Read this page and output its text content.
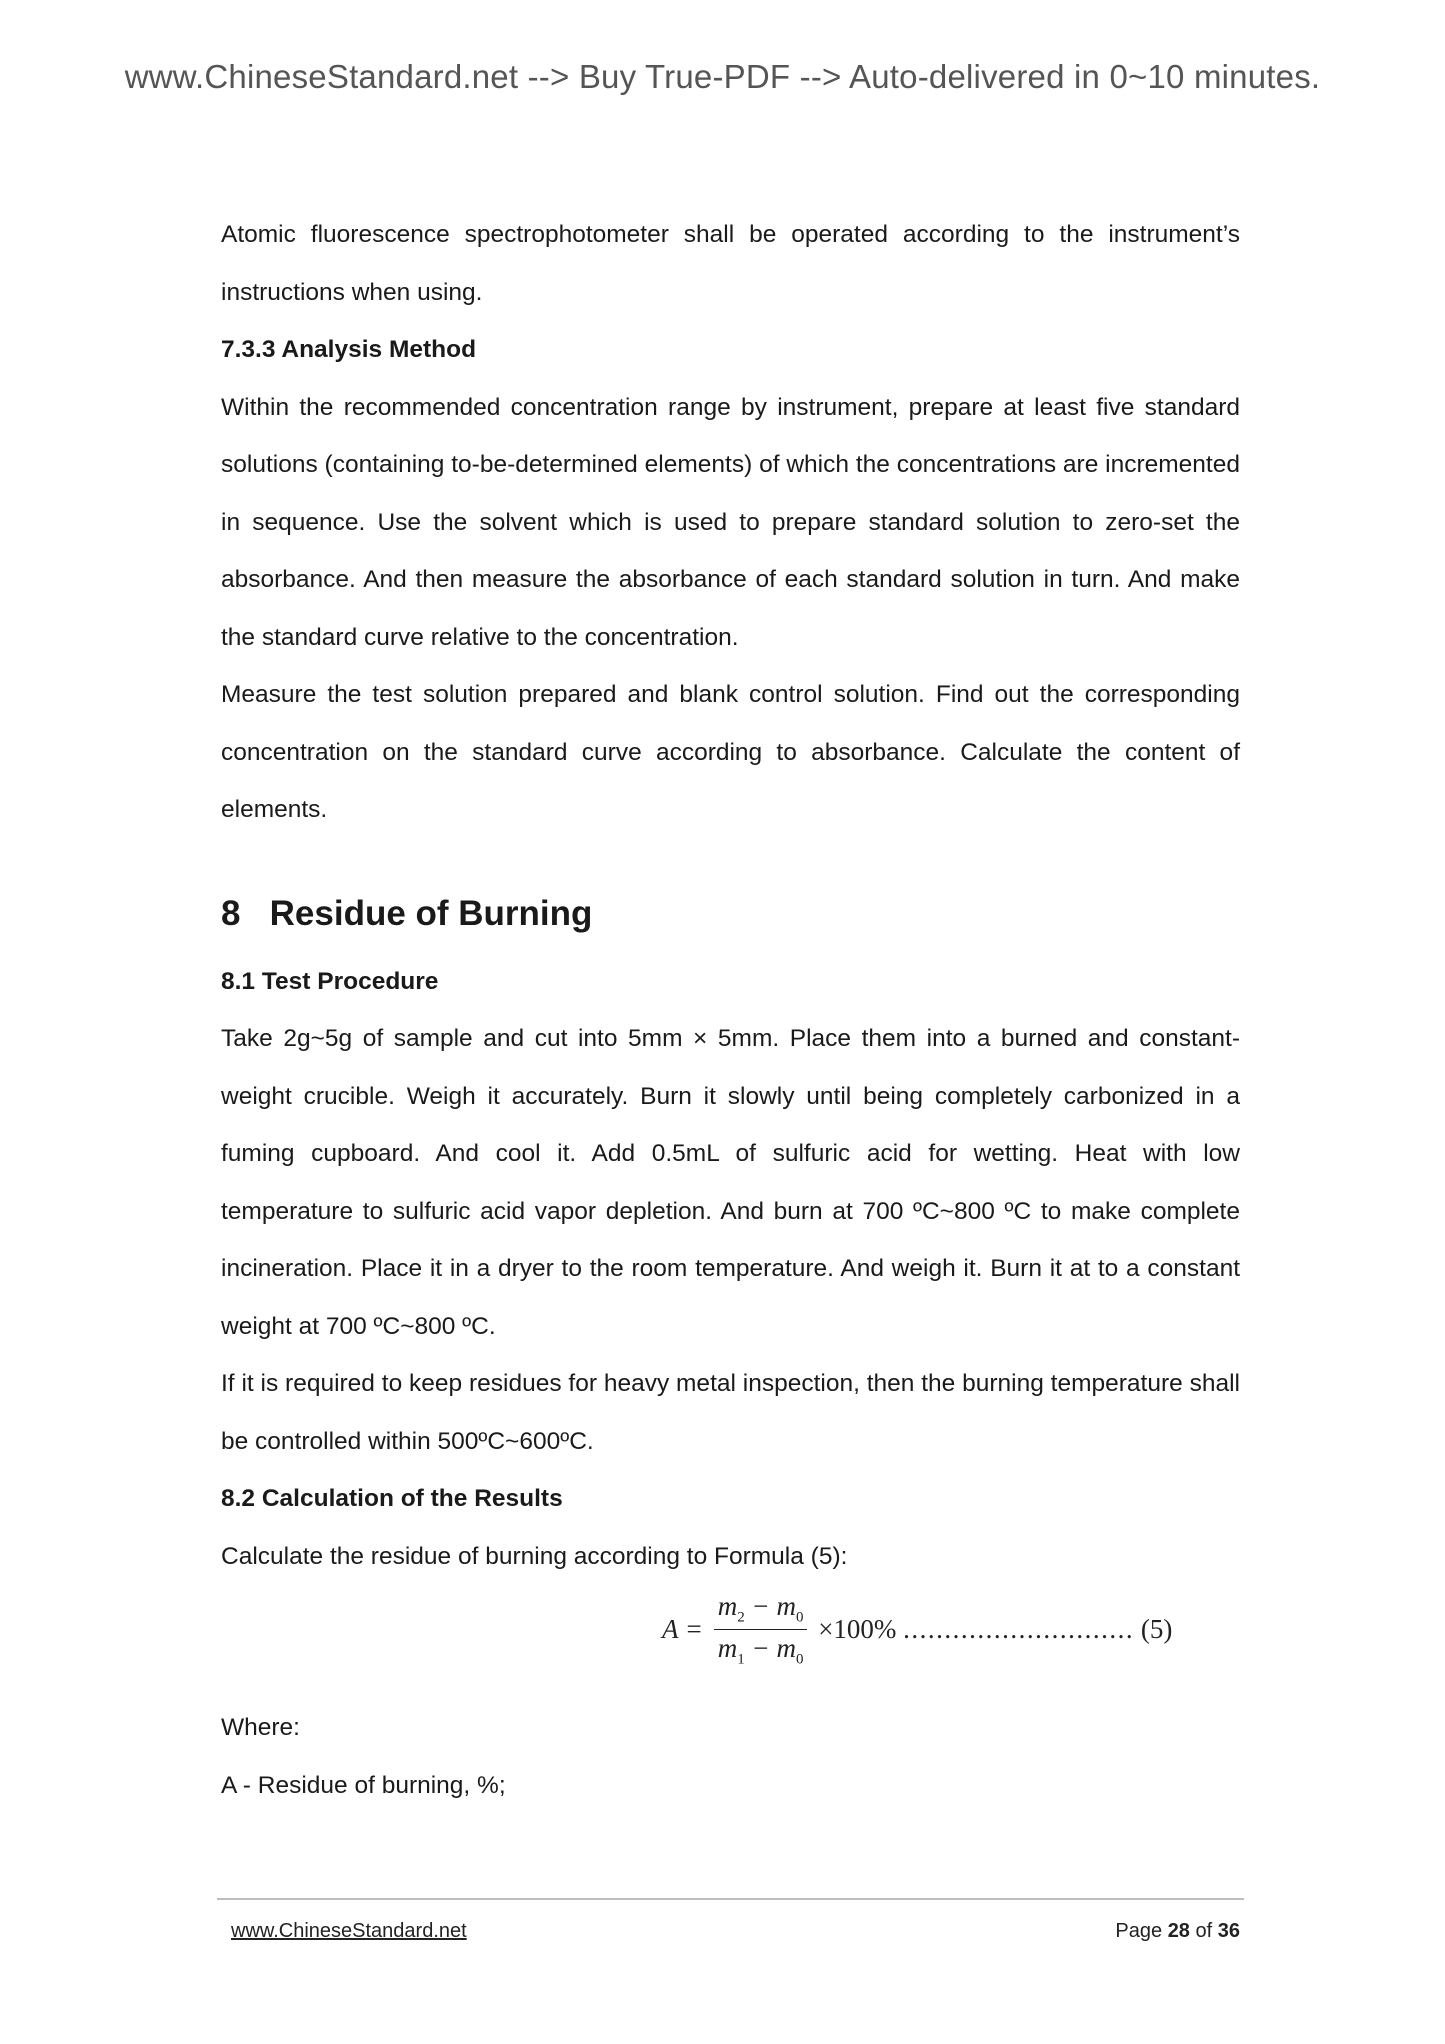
www.ChineseStandard.net --> Buy True-PDF --> Auto-delivered in 0~10 minutes.

Atomic fluorescence spectrophotometer shall be operated according to the instrument’s instructions when using.

7.3.3 Analysis Method

Within the recommended concentration range by instrument, prepare at least five standard solutions (containing to-be-determined elements) of which the concentrations are incremented in sequence. Use the solvent which is used to prepare standard solution to zero-set the absorbance. And then measure the absorbance of each standard solution in turn. And make the standard curve relative to the concentration.

Measure the test solution prepared and blank control solution. Find out the corresponding concentration on the standard curve according to absorbance. Calculate the content of elements.

8   Residue of Burning

8.1 Test Procedure

Take 2g~5g of sample and cut into 5mm × 5mm. Place them into a burned and constant-weight crucible. Weigh it accurately. Burn it slowly until being completely carbonized in a fuming cupboard. And cool it. Add 0.5mL of sulfuric acid for wetting. Heat with low temperature to sulfuric acid vapor depletion. And burn at 700 ºC~800 ºC to make complete incineration. Place it in a dryer to the room temperature. And weigh it. Burn it at to a constant weight at 700 ºC~800 ºC.

If it is required to keep residues for heavy metal inspection, then the burning temperature shall be controlled within 500ºC~600ºC.

8.2 Calculation of the Results

Calculate the residue of burning according to Formula (5):

$A = \frac{m_2 - m_0}{m_1 - m_0} \times 100\%$ ............................ (5)

Where:

A - Residue of burning, %;

www.ChineseStandard.net	Page 28 of 36
